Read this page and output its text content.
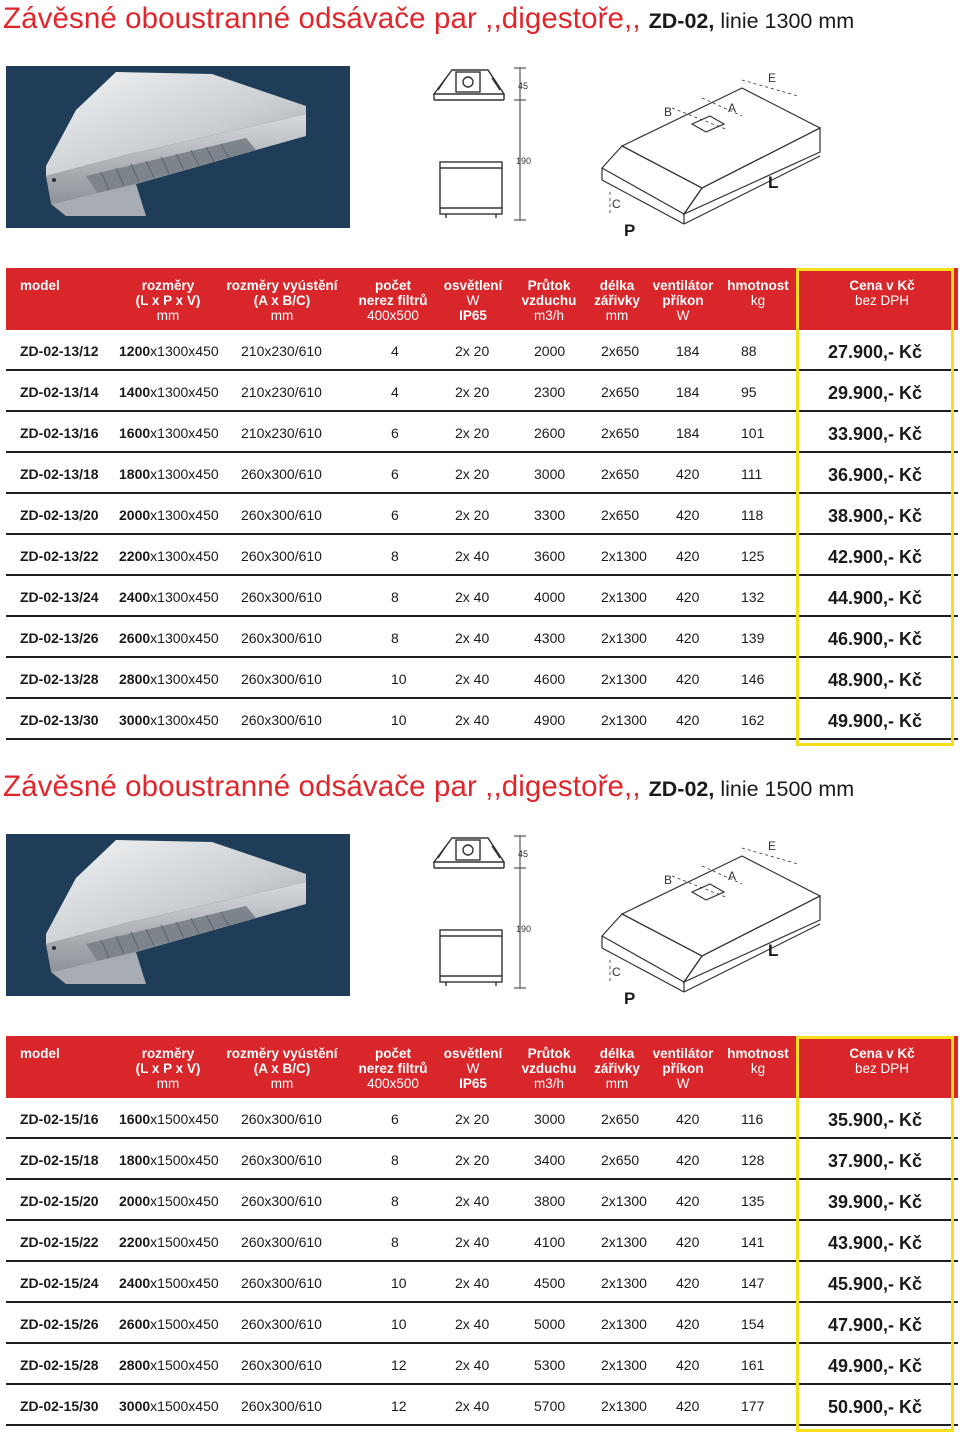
Závěsné oboustranné odsávače par ,,digestoře,, ZD-02, linie 1300 mm
45
190
E
B	A
C
L
P
model	rozměry
(L x P x V)
mm
rozměry vyústění
(A x B/C)
mm
počet
nerez filtrů
400x500
osvětlení
W
IP65
Průtok
vzduchu
m3/h
délka
zářivky
mm
ventilátor
příkon
W
hmotnost
kg
Cena v Kč
bez DPH
ZD-02-13/12 1200x1300x450 210x230/610	4	2x 20	2000	2x650	184	88	27.900,- Kč
ZD-02-13/14 1400x1300x450 210x230/610	4	2x 20	2300	2x650	184	95	29.900,- Kč
ZD-02-13/16 1600x1300x450 210x230/610	6	2x 20	2600	2x650	184	101	33.900,- Kč
ZD-02-13/18 1800x1300x450 260x300/610	6	2x 20	3000	2x650	420	111	36.900,- Kč
ZD-02-13/20 2000x1300x450 260x300/610	6	2x 20	3300	2x650	420	118	38.900,- Kč
ZD-02-13/22 2200x1300x450 260x300/610	8	2x 40	3600	2x1300 420	125	42.900,- Kč
ZD-02-13/24 2400x1300x450 260x300/610	8	2x 40	4000	2x1300 420	132	44.900,- Kč
ZD-02-13/26 2600x1300x450 260x300/610	8	2x 40	4300	2x1300 420	139	46.900,- Kč
ZD-02-13/28 2800x1300x450 260x300/610	10	2x 40	4600	2x1300 420	146	48.900,- Kč
ZD-02-13/30 3000x1300x450 260x300/610	10	2x 40	4900	2x1300 420	162	49.900,- Kč
Závěsné oboustranné odsávače par ,,digestoře,, ZD-02, linie 1500 mm
45
190
E
B	A
C
L
P
model	rozměry
(L x P x V)
mm
rozměry vyústění
(A x B/C)
mm
počet
nerez filtrů
400x500
osvětlení
W
IP65
Průtok
vzduchu
m3/h
délka
zářivky
mm
ventilátor
příkon
W
hmotnost
kg
Cena v Kč
bez DPH
ZD-02-15/16 1600x1500x450 260x300/610	6	2x 20	3000	2x650	420	116	35.900,- Kč
ZD-02-15/18 1800x1500x450 260x300/610	8	2x 20	3400	2x650	420	128	37.900,- Kč
ZD-02-15/20 2000x1500x450 260x300/610	8	2x 40	3800	2x1300 420	135	39.900,- Kč
ZD-02-15/22 2200x1500x450 260x300/610	8	2x 40	4100	2x1300 420	141	43.900,- Kč
ZD-02-15/24 2400x1500x450 260x300/610	10	2x 40	4500	2x1300 420	147	45.900,- Kč
ZD-02-15/26 2600x1500x450 260x300/610	10	2x 40	5000	2x1300 420	154	47.900,- Kč
ZD-02-15/28 2800x1500x450 260x300/610	12	2x 40	5300	2x1300 420	161	49.900,- Kč
ZD-02-15/30 3000x1500x450 260x300/610	12	2x 40	5700	2x1300 420	177	50.900,- Kč
